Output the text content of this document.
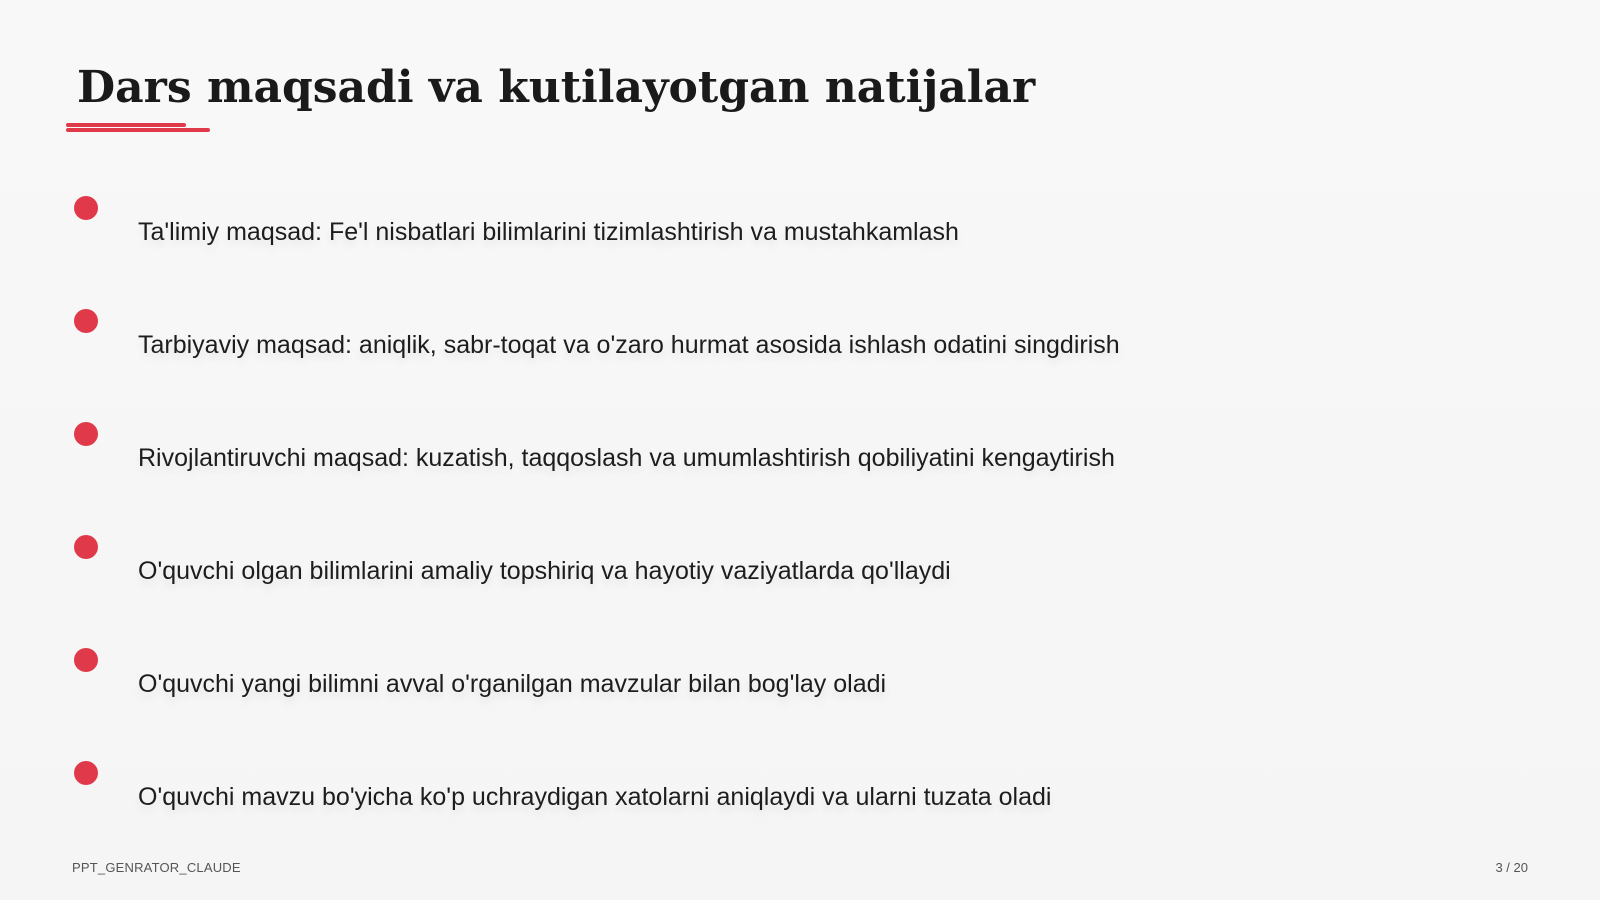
Dars maqsadi va kutilayotgan natijalar
Ta'limiy maqsad: Fe'l nisbatlari bilimlarini tizimlashtirish va mustahkamlash
Tarbiyaviy maqsad: aniqlik, sabr-toqat va o'zaro hurmat asosida ishlash odatini singdirish
Rivojlantiruvchi maqsad: kuzatish, taqqoslash va umumlashtirish qobiliyatini kengaytirish
O'quvchi olgan bilimlarini amaliy topshiriq va hayotiy vaziyatlarda qo'llaydi
O'quvchi yangi bilimni avval o'rganilgan mavzular bilan bog'lay oladi
O'quvchi mavzu bo'yicha ko'p uchraydigan xatolarni aniqlaydi va ularni tuzata oladi
PPT_GENRATOR_CLAUDE	3 / 20
